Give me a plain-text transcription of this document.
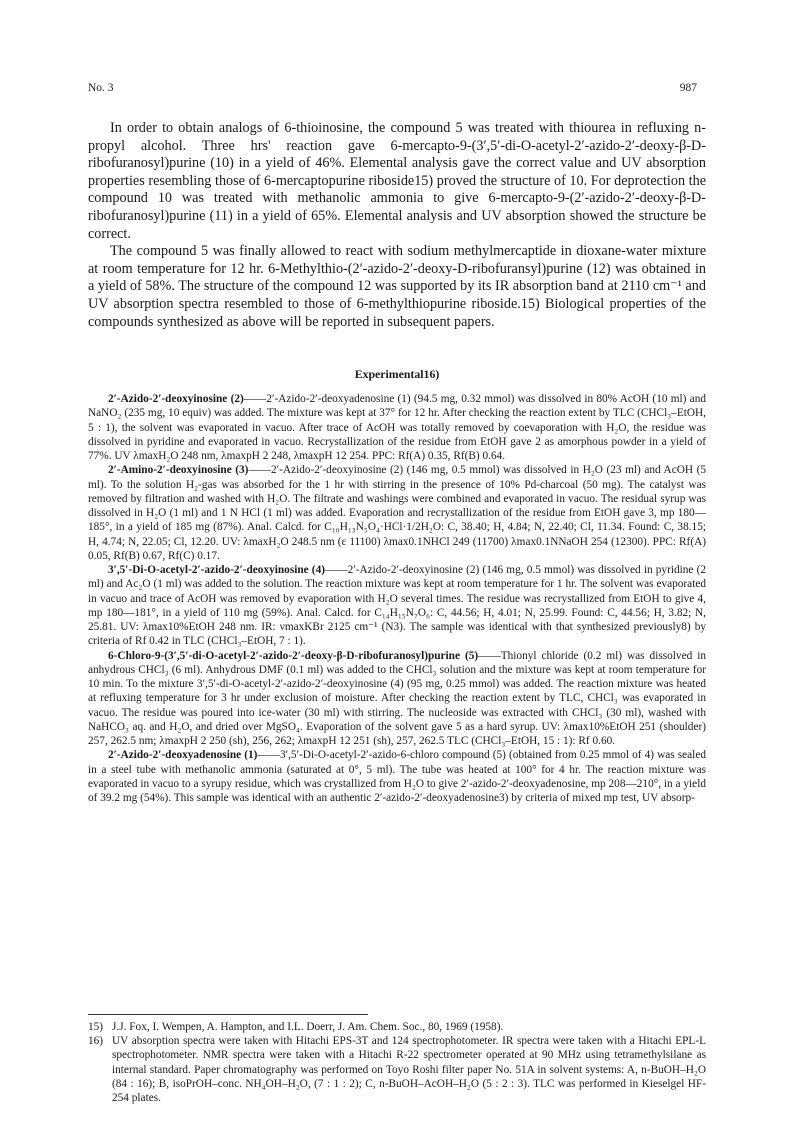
No. 3	987

In order to obtain analogs of 6-thioinosine, the compound 5 was treated with thiourea in refluxing n-propyl alcohol. Three hrs' reaction gave 6-mercapto-9-(3′,5′-di-O-acetyl-2′-azido-2′-deoxy-β-D-ribofuranosyl)purine (10) in a yield of 46%. Elemental analysis gave the correct value and UV absorption properties resembling those of 6-mercaptopurine riboside15) proved the structure of 10. For deprotection the compound 10 was treated with methanolic ammonia to give 6-mercapto-9-(2′-azido-2′-deoxy-β-D-ribofuranosyl)purine (11) in a yield of 65%. Elemental analysis and UV absorption showed the structure be correct.

The compound 5 was finally allowed to react with sodium methylmercaptide in dioxane-water mixture at room temperature for 12 hr. 6-Methylthio-(2′-azido-2′-deoxy-D-ribofuransyl)purine (12) was obtained in a yield of 58%. The structure of the compound 12 was supported by its IR absorption band at 2110 cm⁻¹ and UV absorption spectra resembled to those of 6-methylthiopurine riboside.15) Biological properties of the compounds synthesized as above will be reported in subsequent papers.

Experimental16)

2′-Azido-2′-deoxyinosine (2)——2′-Azido-2′-deoxyadenosine (1) (94.5 mg, 0.32 mmol) was dissolved in 80% AcOH (10 ml) and NaNO₂ (235 mg, 10 equiv) was added. The mixture was kept at 37° for 12 hr. After checking the reaction extent by TLC (CHCl₃–EtOH, 5 : 1), the solvent was evaporated in vacuo. After trace of AcOH was totally removed by coevaporation with H₂O, the residue was dissolved in pyridine and evaporated in vacuo. Recrystallization of the residue from EtOH gave 2 as amorphous powder in a yield of 77%. UV λmaxH₂O 248 nm, λmaxpH 2 248, λmaxpH 12 254. PPC: Rf(A) 0.35, Rf(B) 0.64.

2′-Amino-2′-deoxyinosine (3)——2′-Azido-2′-deoxyinosine (2) (146 mg, 0.5 mmol) was dissolved in H₂O (23 ml) and AcOH (5 ml). To the solution H₂-gas was absorbed for the 1 hr with stirring in the presence of 10% Pd-charcoal (50 mg). The catalyst was removed by filtration and washed with H₂O. The filtrate and washings were combined and evaporated in vacuo. The residual syrup was dissolved in H₂O (1 ml) and 1 N HCl (1 ml) was added. Evaporation and recrystallization of the residue from EtOH gave 3, mp 180—185°, in a yield of 185 mg (87%). Anal. Calcd. for C₁₀H₁₃N₅O₄·HCl·1/2H₂O: C, 38.40; H, 4.84; N, 22.40; Cl, 11.34. Found: C, 38.15; H, 4.74; N, 22.05; Cl, 12.20. UV: λmaxH₂O 248.5 nm (ε 11100) λmax0.1NHCl 249 (11700) λmax0.1NNaOH 254 (12300). PPC: Rf(A) 0.05, Rf(B) 0.67, Rf(C) 0.17.

3′,5′-Di-O-acetyl-2′-azido-2′-deoxyinosine (4)——2′-Azido-2′-deoxyinosine (2) (146 mg, 0.5 mmol) was dissolved in pyridine (2 ml) and Ac₂O (1 ml) was added to the solution. The reaction mixture was kept at room temperature for 1 hr. The solvent was evaporated in vacuo and trace of AcOH was removed by evaporation with H₂O several times. The residue was recrystallized from EtOH to give 4, mp 180—181°, in a yield of 110 mg (59%). Anal. Calcd. for C₁₄H₁₅N₇O₆: C, 44.56; H, 4.01; N, 25.99. Found: C, 44.56; H, 3.82; N, 25.81. UV: λmax10%EtOH 248 nm. IR: νmaxKBr 2125 cm⁻¹ (N3). The sample was identical with that synthesized previously8) by criteria of Rf 0.42 in TLC (CHCl₃–EtOH, 7 : 1).

6-Chloro-9-(3′,5′-di-O-acetyl-2′-azido-2′-deoxy-β-D-ribofuranosyl)purine (5)——Thionyl chloride (0.2 ml) was dissolved in anhydrous CHCl₃ (6 ml). Anhydrous DMF (0.1 ml) was added to the CHCl₃ solution and the mixture was kept at room temperature for 10 min. To the mixture 3′,5′-di-O-acetyl-2′-azido-2′-deoxyinosine (4) (95 mg, 0.25 mmol) was added. The reaction mixture was heated at refluxing temperature for 3 hr under exclusion of moisture. After checking the reaction extent by TLC, CHCl₃ was evaporated in vacuo. The residue was poured into ice-water (30 ml) with stirring. The nucleoside was extracted with CHCl₃ (30 ml), washed with NaHCO₃ aq. and H₂O, and dried over MgSO₄. Evaporation of the solvent gave 5 as a hard syrup. UV: λmax10%EtOH 251 (shoulder) 257, 262.5 nm; λmaxpH 2 250 (sh), 256, 262; λmaxpH 12 251 (sh), 257, 262.5 TLC (CHCl₃–EtOH, 15 : 1): Rf 0.60.

2′-Azido-2′-deoxyadenosine (1)——3′,5′-Di-O-acetyl-2′-azido-6-chloro compound (5) (obtained from 0.25 mmol of 4) was sealed in a steel tube with methanolic ammonia (saturated at 0°, 5 ml). The tube was heated at 100° for 4 hr. The reaction mixture was evaporated in vacuo to a syrupy residue, which was crystallized from H₂O to give 2′-azido-2′-deoxyadenosine, mp 208—210°, in a yield of 39.2 mg (54%). This sample was identical with an authentic 2′-azido-2′-deoxyadenosine3) by criteria of mixed mp test, UV absorp-

15) J.J. Fox, I. Wempen, A. Hampton, and I.L. Doerr, J. Am. Chem. Soc., 80, 1969 (1958).
16) UV absorption spectra were taken with Hitachi EPS-3T and 124 spectrophotometer. IR spectra were taken with a Hitachi EPL-L spectrophotometer. NMR spectra were taken with a Hitachi R-22 spectrometer operated at 90 MHz using tetramethylsilane as internal standard. Paper chromatography was performed on Toyo Roshi filter paper No. 51A in solvent systems: A, n-BuOH–H₂O (84 : 16); B, isoPrOH–conc. NH₄OH–H₂O, (7 : 1 : 2); C, n-BuOH–AcOH–H₂O (5 : 2 : 3). TLC was performed in Kieselgel HF-254 plates.
